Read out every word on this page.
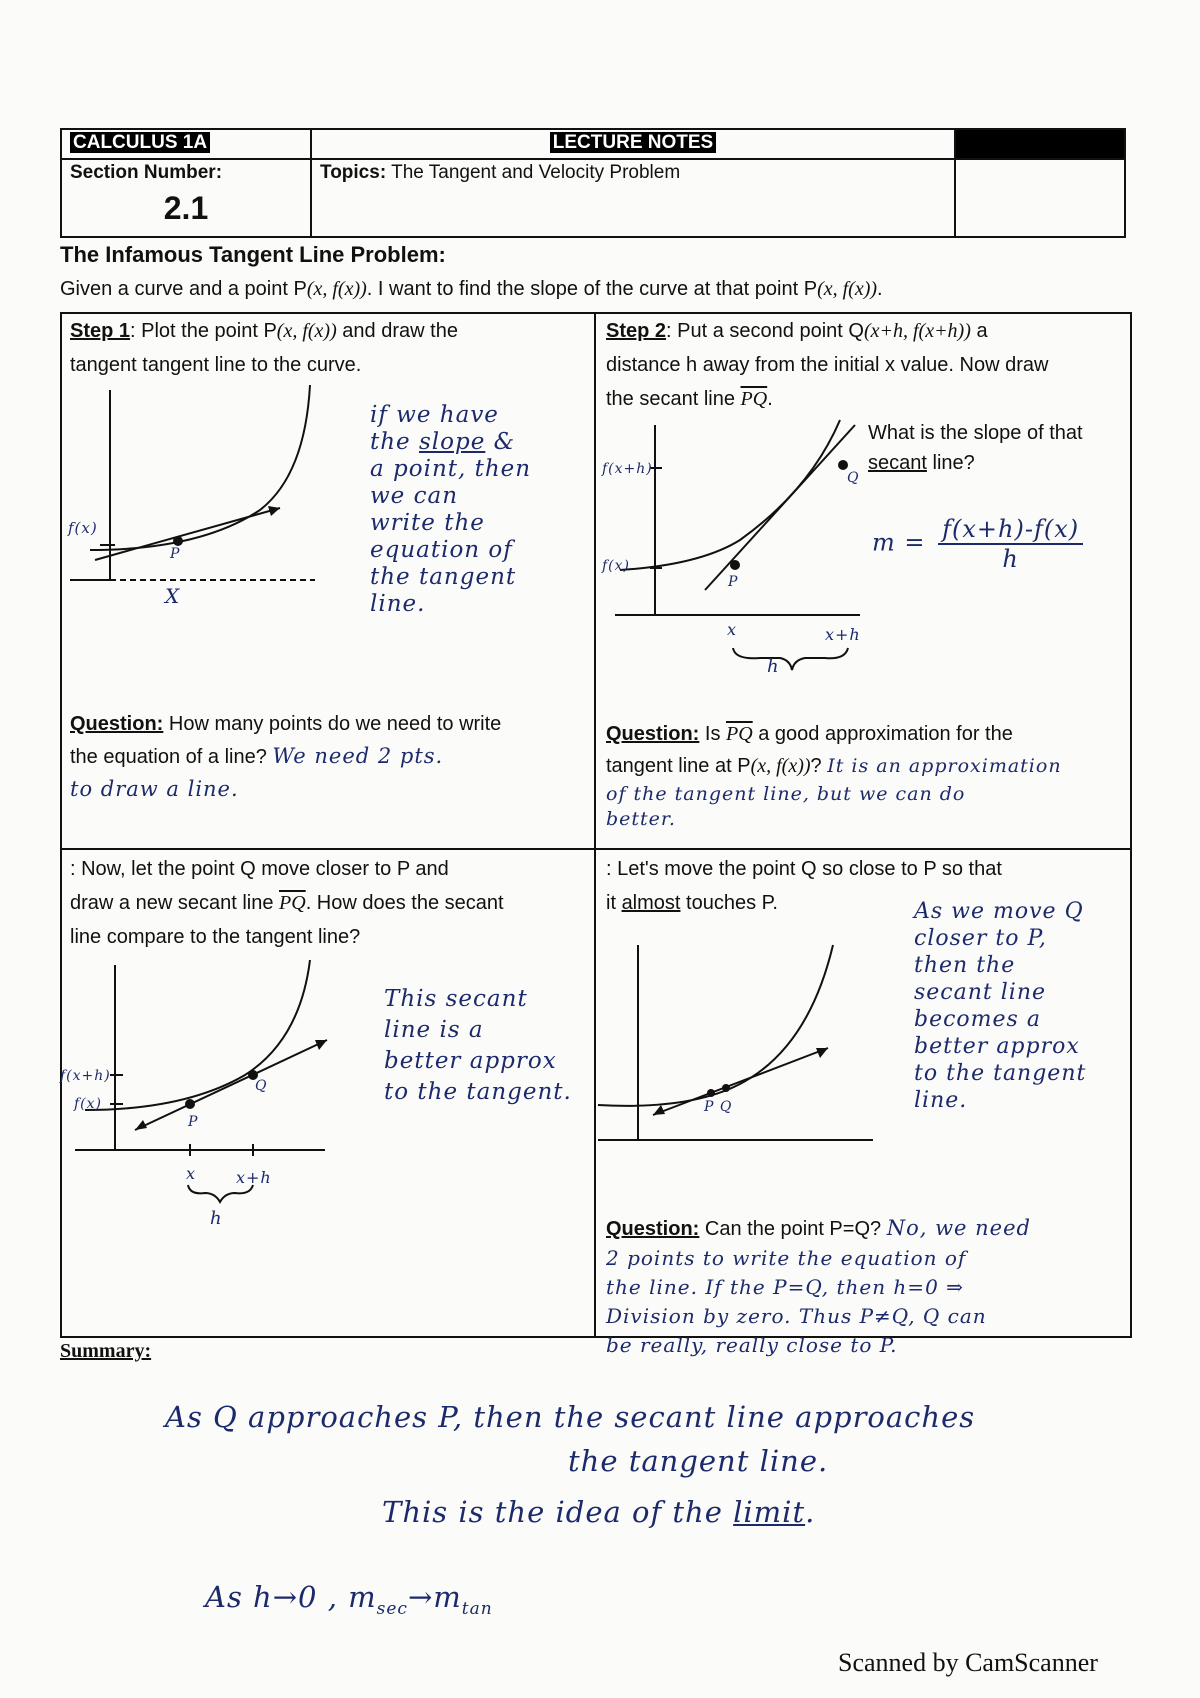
CALCULUS 1A	LECTURE NOTES	

Section Number:
2.1	Topics: The Tangent and Velocity Problem	
The Infamous Tangent Line Problem:
Given a curve and a point P(x, f(x)). I want to find the slope of the curve at that point P(x, f(x)).
Step 1: Plot the point P(x, f(x)) and draw the
tangent tangent line to the curve.
f(x)
P
X
if we have
the slope &
a point, then
we can
write the
equation of
the tangent
line.
Question: How many points do we need to write
the equation of a line? We need 2 pts.
to draw a line.
Step 2: Put a second point Q(x+h, f(x+h)) a
distance h away from the initial x value. Now draw
the secant line $\overline{PQ}$.
f(x+h)
f(x)
P
Q
x	x+h
h
What is the slope of that
secant line?
$m = \frac{f(x+h)-f(x)}{h}$
Question: Is $\overline{PQ}$ a good approximation for the
tangent line at P(x, f(x))? It is an approximation
of the tangent line, but we can do
better.
: Now, let the point Q move closer to P and
draw a new secant line $\overline{PQ}$. How does the secant
line compare to the tangent line?
f(x+h)
f(x)
P
Q
x x+h
h
This secant
line is a
better approx
to the tangent.
: Let's move the point Q so close to P so that
it almost touches P.
P Q
As we move Q
closer to P,
then the
secant line
becomes a
better approx
to the tangent
line.
Question: Can the point P=Q? No, we need
2 points to write the equation of
the line. If the P=Q, then h=0 ⇒
Division by zero. Thus P≠Q, Q can
be really, really close to P.
Summary:
As Q approaches P, then the secant line approaches
the tangent line.
This is the idea of the limit.
As h→0 , $m_{sec}\to m_{tan}$
Scanned by CamScanner
